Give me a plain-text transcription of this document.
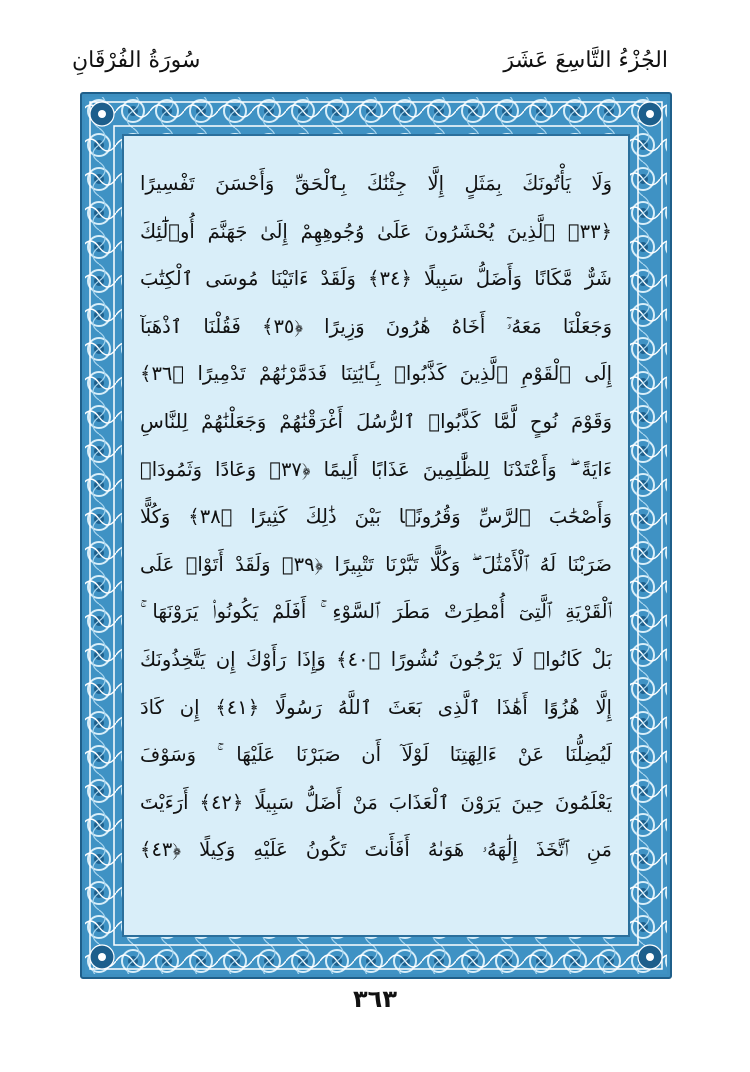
سُورَةُ الفُرْقَانِ	الجُزْءُ التَّاسِعَ عَشَرَ
وَلَا يَأْتُونَكَ بِمَثَلٍ إِلَّا جِئْنَٰكَ بِٱلْحَقِّ وَأَحْسَنَ تَفْسِيرًا
﴿٣٣﴾ ٱلَّذِينَ يُحْشَرُونَ عَلَىٰ وُجُوهِهِمْ إِلَىٰ جَهَنَّمَ أُو۟لَٰٓئِكَ
شَرٌّ مَّكَانًا وَأَضَلُّ سَبِيلًا ﴿٣٤﴾ وَلَقَدْ ءَاتَيْنَا مُوسَى ٱلْكِتَٰبَ
وَجَعَلْنَا مَعَهُۥٓ أَخَاهُ هَٰرُونَ وَزِيرًا ﴿٣٥﴾ فَقُلْنَا ٱذْهَبَآ
إِلَى ٱلْقَوْمِ ٱلَّذِينَ كَذَّبُوا۟ بِـَٔايَٰتِنَا فَدَمَّرْنَٰهُمْ تَدْمِيرًا ﴿٣٦﴾
وَقَوْمَ نُوحٍ لَّمَّا كَذَّبُوا۟ ٱلرُّسُلَ أَغْرَقْنَٰهُمْ وَجَعَلْنَٰهُمْ لِلنَّاسِ
ءَايَةً ۖ وَأَعْتَدْنَا لِلظَّٰلِمِينَ عَذَابًا أَلِيمًا ﴿٣٧﴾ وَعَادًا وَثَمُودَا۟
وَأَصْحَٰبَ ٱلرَّسِّ وَقُرُونًۢا بَيْنَ ذَٰلِكَ كَثِيرًا ﴿٣٨﴾ وَكُلًّا
ضَرَبْنَا لَهُ ٱلْأَمْثَٰلَ ۖ وَكُلًّا تَبَّرْنَا تَتْبِيرًا ﴿٣٩﴾ وَلَقَدْ أَتَوْا۟ عَلَى
ٱلْقَرْيَةِ ٱلَّتِىٓ أُمْطِرَتْ مَطَرَ ٱلسَّوْءِ ۚ أَفَلَمْ يَكُونُوا۟ يَرَوْنَهَا ۚ
بَلْ كَانُوا۟ لَا يَرْجُونَ نُشُورًا ﴿٤٠﴾ وَإِذَا رَأَوْكَ إِن يَتَّخِذُونَكَ
إِلَّا هُزُوًا أَهَٰذَا ٱلَّذِى بَعَثَ ٱللَّهُ رَسُولًا ﴿٤١﴾ إِن كَادَ
لَيُضِلُّنَا عَنْ ءَالِهَتِنَا لَوْلَآ أَن صَبَرْنَا عَلَيْهَا ۚ وَسَوْفَ
يَعْلَمُونَ حِينَ يَرَوْنَ ٱلْعَذَابَ مَنْ أَضَلُّ سَبِيلًا ﴿٤٢﴾ أَرَءَيْتَ
مَنِ ٱتَّخَذَ إِلَٰهَهُۥ هَوَىٰهُ أَفَأَنتَ تَكُونُ عَلَيْهِ وَكِيلًا ﴿٤٣﴾
٣٦٣
